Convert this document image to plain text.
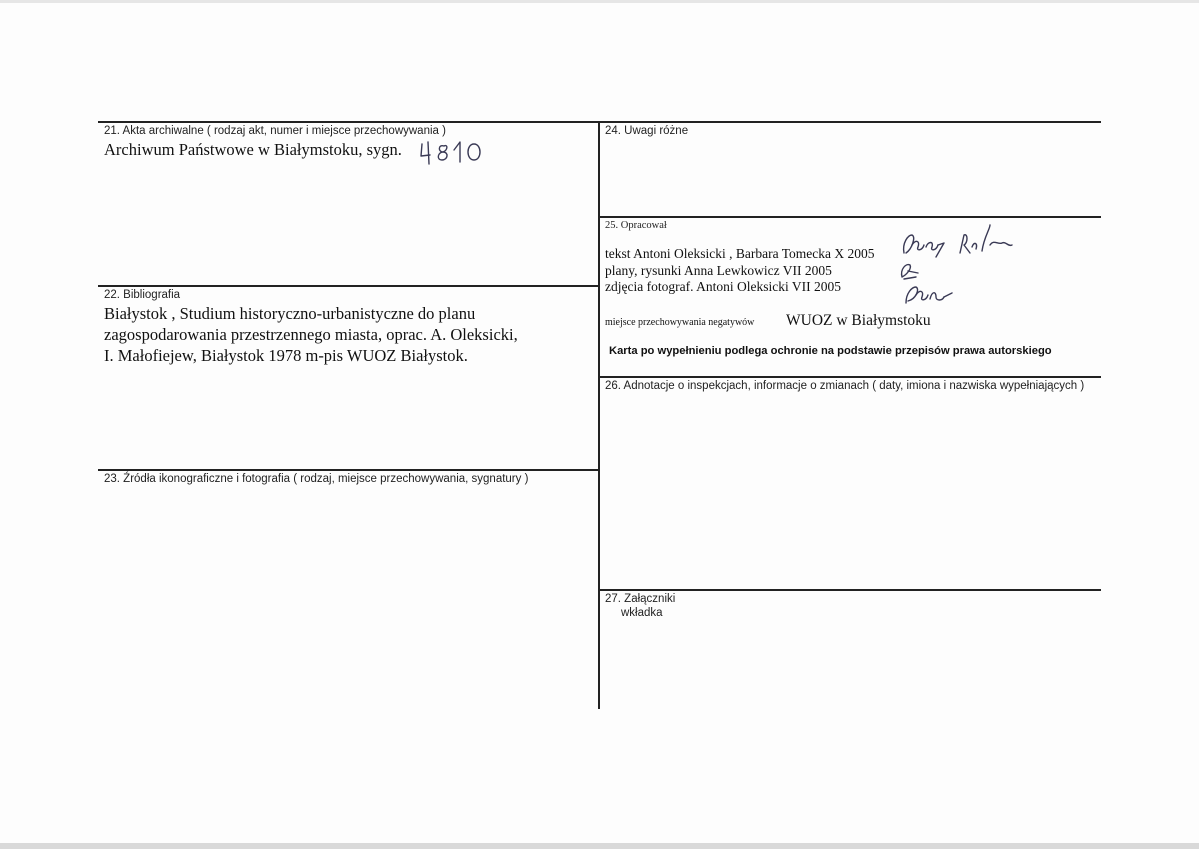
21. Akta archiwalne ( rodzaj akt, numer i miejsce przechowywania )
Archiwum Państwowe w Białymstoku, sygn.
22. Bibliografia
Białystok , Studium historyczno-urbanistyczne do planu
zagospodarowania przestrzennego miasta, oprac. A. Oleksicki,
I. Małofiejew, Białystok 1978 m-pis WUOZ Białystok.
23. Źródła ikonograficzne i fotografia ( rodzaj, miejsce przechowywania, sygnatury )
24. Uwagi różne
25. Opracował
tekst Antoni Oleksicki , Barbara Tomecka X 2005
plany, rysunki Anna Lewkowicz VII 2005
zdjęcia fotograf. Antoni Oleksicki VII 2005
miejsce przechowywania negatywów WUOZ w Białymstoku
Karta po wypełnieniu podlega ochronie na podstawie przepisów prawa autorskiego
26. Adnotacje o inspekcjach, informacje o zmianach ( daty, imiona i nazwiska wypełniających )
27. Załączniki
wkładka
